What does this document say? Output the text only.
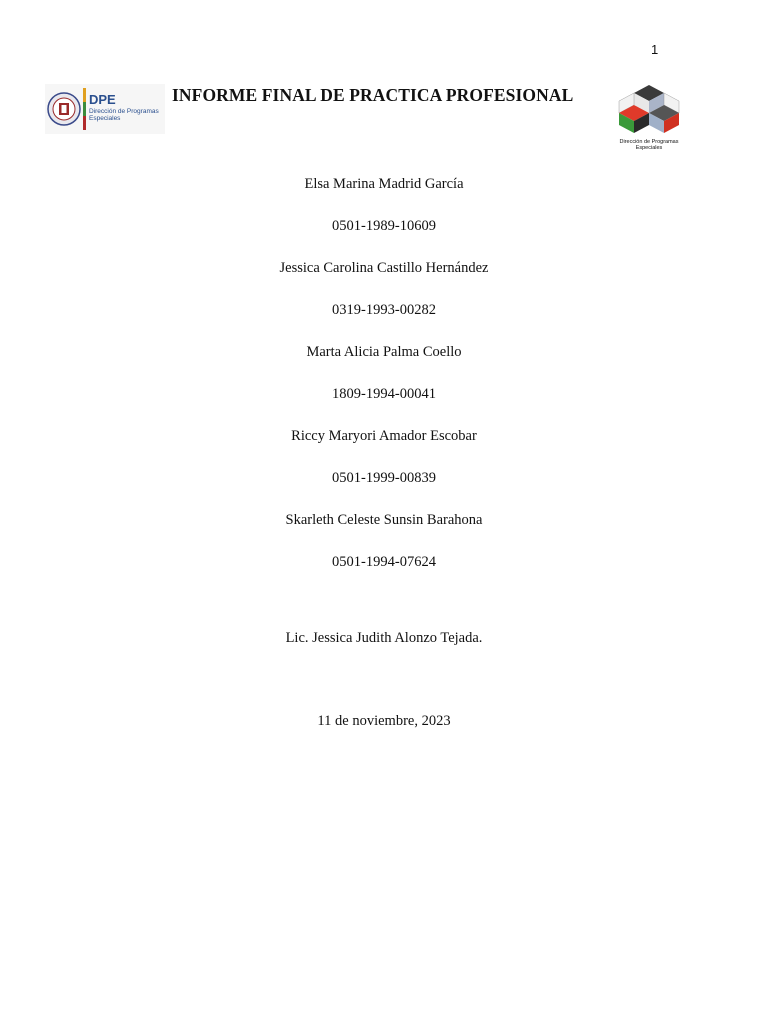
1
DPE
Dirección de Programas Especiales
INFORME FINAL DE PRACTICA PROFESIONAL
Dirección de Programas Especiales
Elsa Marina Madrid García
0501-1989-10609
Jessica Carolina Castillo Hernández
0319-1993-00282
Marta Alicia Palma Coello
1809-1994-00041
Riccy Maryori Amador Escobar
0501-1999-00839
Skarleth Celeste Sunsin Barahona
0501-1994-07624
Lic. Jessica Judith Alonzo Tejada.
11 de noviembre, 2023
